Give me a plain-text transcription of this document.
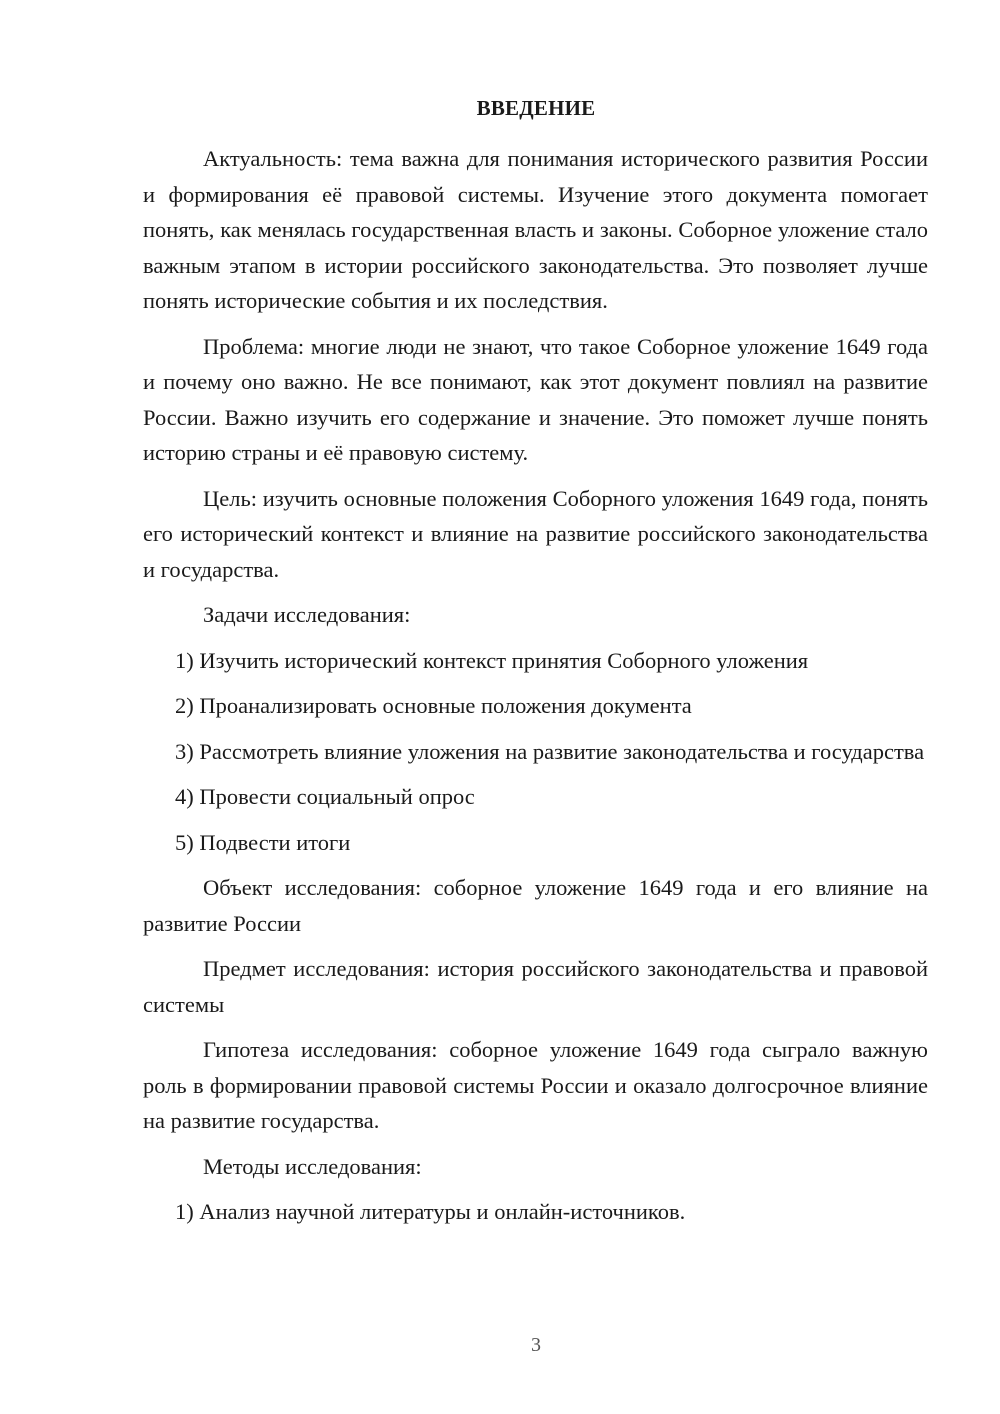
ВВЕДЕНИЕ

Актуальность: тема важна для понимания исторического развития России и формирования её правовой системы. Изучение этого документа помогает понять, как менялась государственная власть и законы. Соборное уложение стало важным этапом в истории российского законодательства. Это позволяет лучше понять исторические события и их последствия.

Проблема: многие люди не знают, что такое Соборное уложение 1649 года и почему оно важно. Не все понимают, как этот документ повлиял на развитие России. Важно изучить его содержание и значение. Это поможет лучше понять историю страны и её правовую систему.

Цель: изучить основные положения Соборного уложения 1649 года, понять его исторический контекст и влияние на развитие российского законодательства и государства.

Задачи исследования:

1) Изучить исторический контекст принятия Соборного уложения

2) Проанализировать основные положения документа

3) Рассмотреть влияние уложения на развитие законодательства и государства

4) Провести социальный опрос

5) Подвести итоги

Объект исследования: соборное уложение 1649 года и его влияние на развитие России

Предмет исследования: история российского законодательства и правовой системы

Гипотеза исследования: соборное уложение 1649 года сыграло важную роль в формировании правовой системы России и оказало долгосрочное влияние на развитие государства.

Методы исследования:

1) Анализ научной литературы и онлайн-источников.

3
